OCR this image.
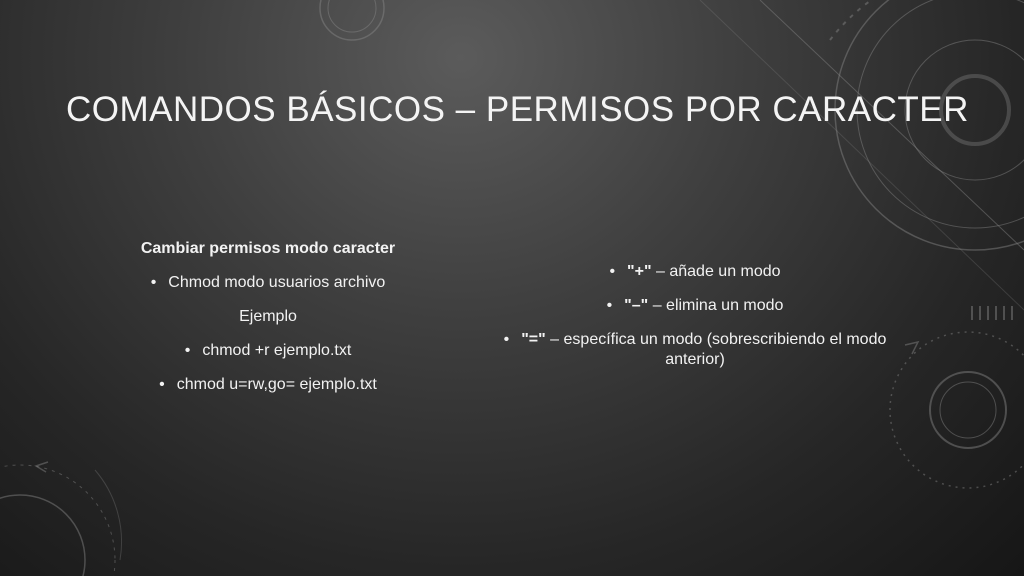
COMANDOS BÁSICOS – PERMISOS POR CARACTER

Cambiar permisos modo caracter

• Chmod modo usuarios archivo

Ejemplo

• chmod +r ejemplo.txt

• chmod u=rw,go= ejemplo.txt

• "+" – añade un modo

• "–" – elimina un modo

• "=" – específica un modo (sobrescribiendo el modo anterior)
